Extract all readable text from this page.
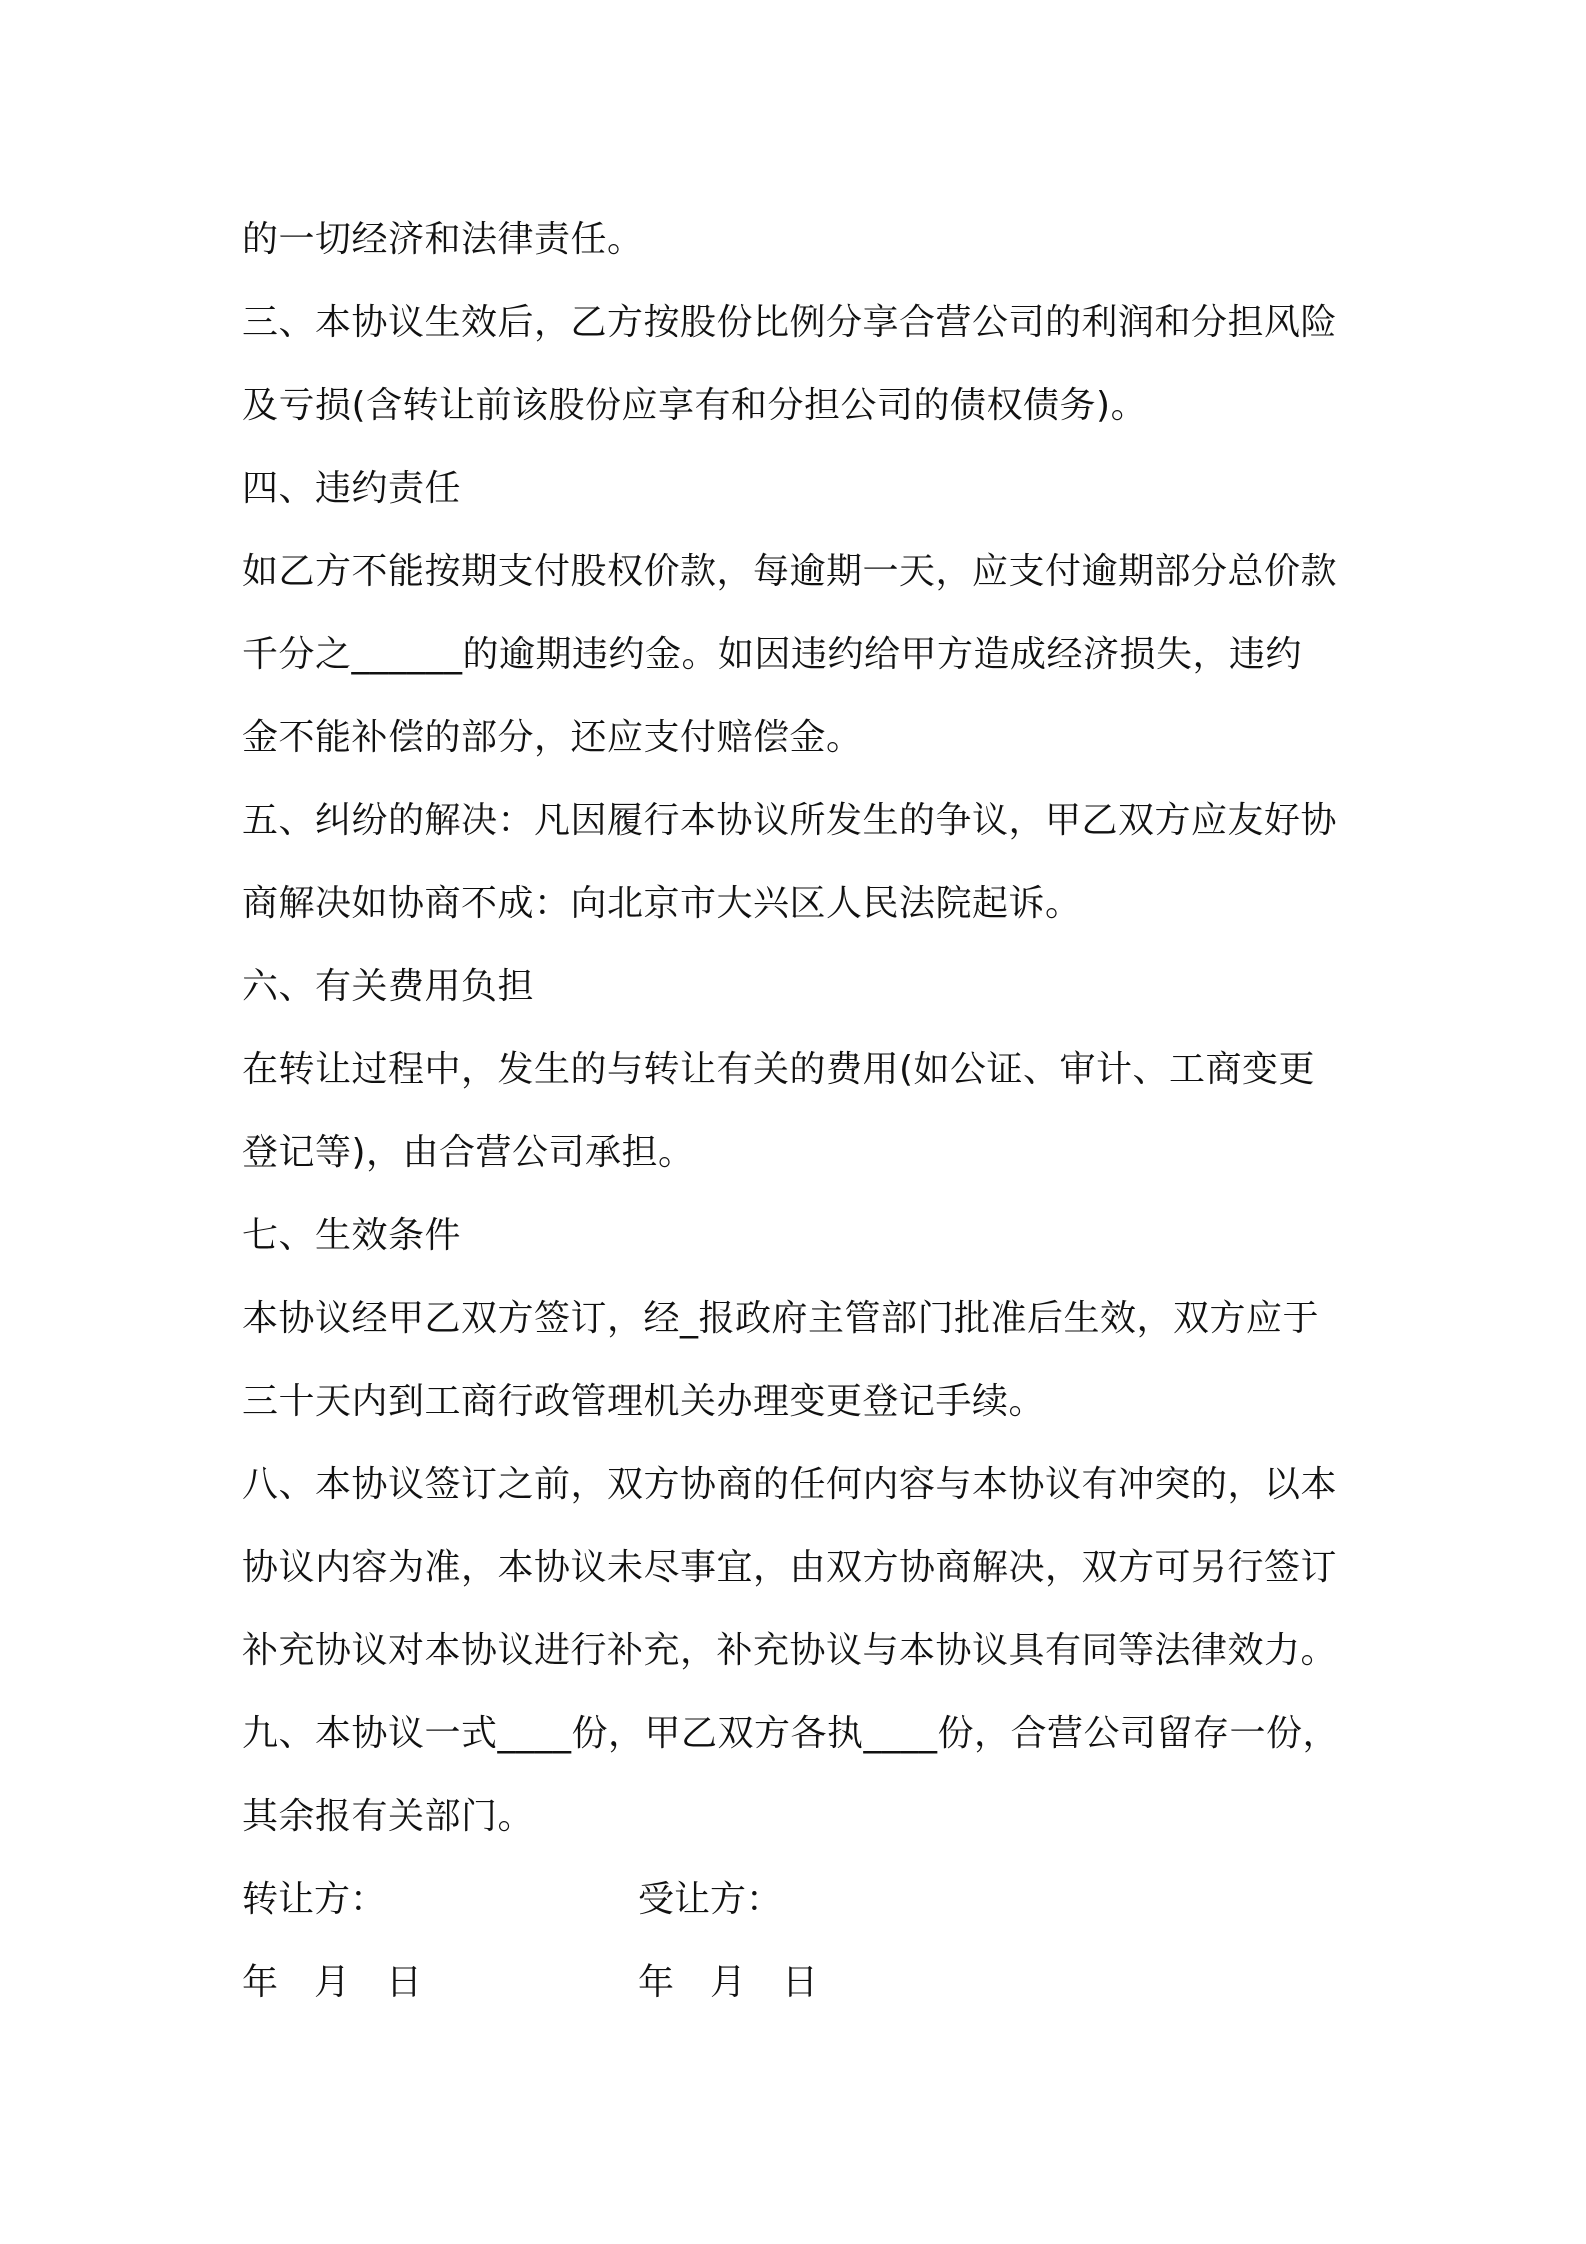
的一切经济和法律责任。
三、本协议生效后，乙方按股份比例分享合营公司的利润和分担风险
及亏损(含转让前该股份应享有和分担公司的债权债务)。
四、违约责任
如乙方不能按期支付股权价款，每逾期一天，应支付逾期部分总价款
千分之______的逾期违约金。如因违约给甲方造成经济损失，违约
金不能补偿的部分，还应支付赔偿金。
五、纠纷的解决：凡因履行本协议所发生的争议，甲乙双方应友好协
商解决如协商不成：向北京市大兴区人民法院起诉。
六、有关费用负担
在转让过程中，发生的与转让有关的费用(如公证、审计、工商变更
登记等)，由合营公司承担。
七、生效条件
本协议经甲乙双方签订，经_报政府主管部门批准后生效，双方应于
三十天内到工商行政管理机关办理变更登记手续。
八、本协议签订之前，双方协商的任何内容与本协议有冲突的，以本
协议内容为准，本协议未尽事宜，由双方协商解决，双方可另行签订
补充协议对本协议进行补充，补充协议与本协议具有同等法律效力。
九、本协议一式____份，甲乙双方各执____份，合营公司留存一份，
其余报有关部门。
转让方：	受让方：
年　月　日	年　月　日
